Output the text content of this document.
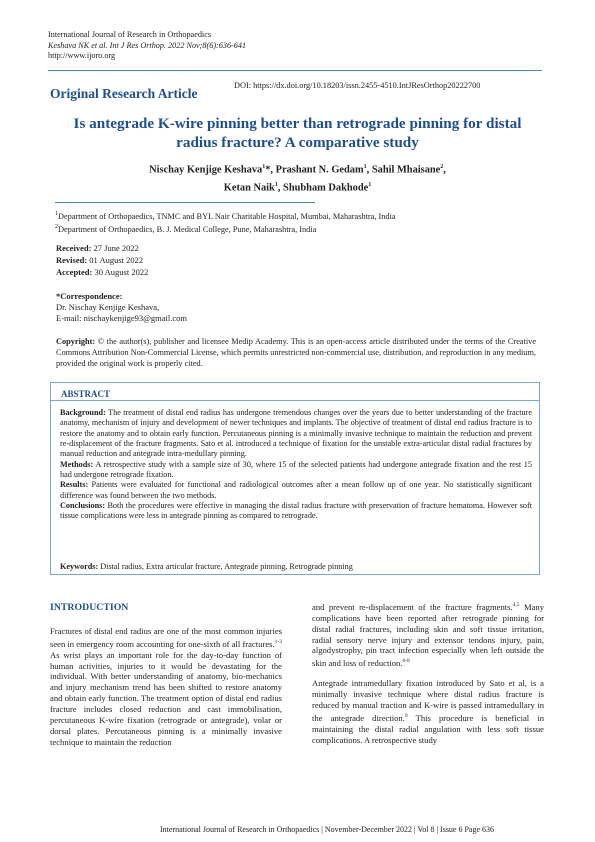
International Journal of Research in Orthopaedics
Keshava NK et al. Int J Res Orthop. 2022 Nov;8(6):636-641
http://www.ijoro.org
DOI: https://dx.doi.org/10.18203/issn.2455-4510.IntJResOrthop20222700
Original Research Article
Is antegrade K-wire pinning better than retrograde pinning for distal
radius fracture? A comparative study
Nischay Kenjige Keshava$^1$*, Prashant N. Gedam$^1$, Sahil Mhaisane$^2$,
Ketan Naik$^1$, Shubham Dakhode$^1$
$^1$Department of Orthopaedics, TNMC and BYL Nair Charitable Hospital, Mumbai, Maharashtra, India
$^2$Department of Orthopaedics, B. J. Medical College, Pune, Maharashtra, India
Received: 27 June 2022
Revised: 01 August 2022
Accepted: 30 August 2022
*Correspondence:
Dr. Nischay Kenjige Keshava,
E-mail: nischaykenjige93@gmail.com
Copyright: © the author(s), publisher and licensee Medip Academy. This is an open-access article distributed under the terms of the Creative Commons Attribution Non-Commercial License, which permits unrestricted non-commercial use, distribution, and reproduction in any medium, provided the original work is properly cited.
ABSTRACT

Background: The treatment of distal end radius has undergone tremendous changes over the years due to better understanding of the fracture anatomy, mechanism of injury and development of newer techniques and implants. The objective of treatment of distal end radius fracture is to restore the anatomy and to obtain early function. Percutaneous pinning is a minimally invasive technique to maintain the reduction and prevent re-displacement of the fracture fragments. Sato et al. introduced a technique of fixation for the unstable extra-articular distal radial fractures by manual reduction and antegrade intra-medullary pinning.

Methods: A retrospective study with a sample size of 30, where 15 of the selected patients had undergone antegrade fixation and the rest 15 had undergone retrograde fixation.

Results: Patients were evaluated for functional and radiological outcomes after a mean follow up of one year. No statistically significant difference was found between the two methods.

Conclusions: Both the procedures were effective in managing the distal radius fracture with preservation of fracture hematoma. However soft tissue complications were less in antegrade pinning as compared to retrograde.

Keywords: Distal radius, Extra articular fracture, Antegrade pinning, Retrograde pinning
INTRODUCTION

Fractures of distal end radius are one of the most common injuries seen in emergency room accounting for one-sixth of all fractures.$^{1-3}$ As wrist plays an important role for the day-to-day function of human activities, injuries to it would be devastating for the individual. With better understanding of anatomy, bio-mechanics and injury mechanism trend has been shifted to restore anatomy and obtain early function. The treatment option of distal end radius fracture includes closed reduction and cast immobilisation, percutaneous K-wire fixation (retrograde or antegrade), volar or dorsal plates. Percutaneous pinning is a minimally invasive technique to maintain the reduction

and prevent re-displacement of the fracture fragments.$^{4,5}$ Many complications have been reported after retrograde pinning for distal radial fractures, including skin and soft tissue irritation, radial sensory nerve injury and extensor tendons injury, pain, algodystrophy, pin tract infection especially when left outside the skin and loss of reduction.$^{6-8}$

Antegrade intramedullary fixation introduced by Sato et al, is a minimally invasive technique where distal radius fracture is reduced by manual traction and K-wire is passed intramedullary in the antegrade direction.$^9$ This procedure is beneficial in maintaining the distal radial angulation with less soft tissue complications. A retrospective study

International Journal of Research in Orthopaedics | November-December 2022 | Vol 8 | Issue 6 Page 636
